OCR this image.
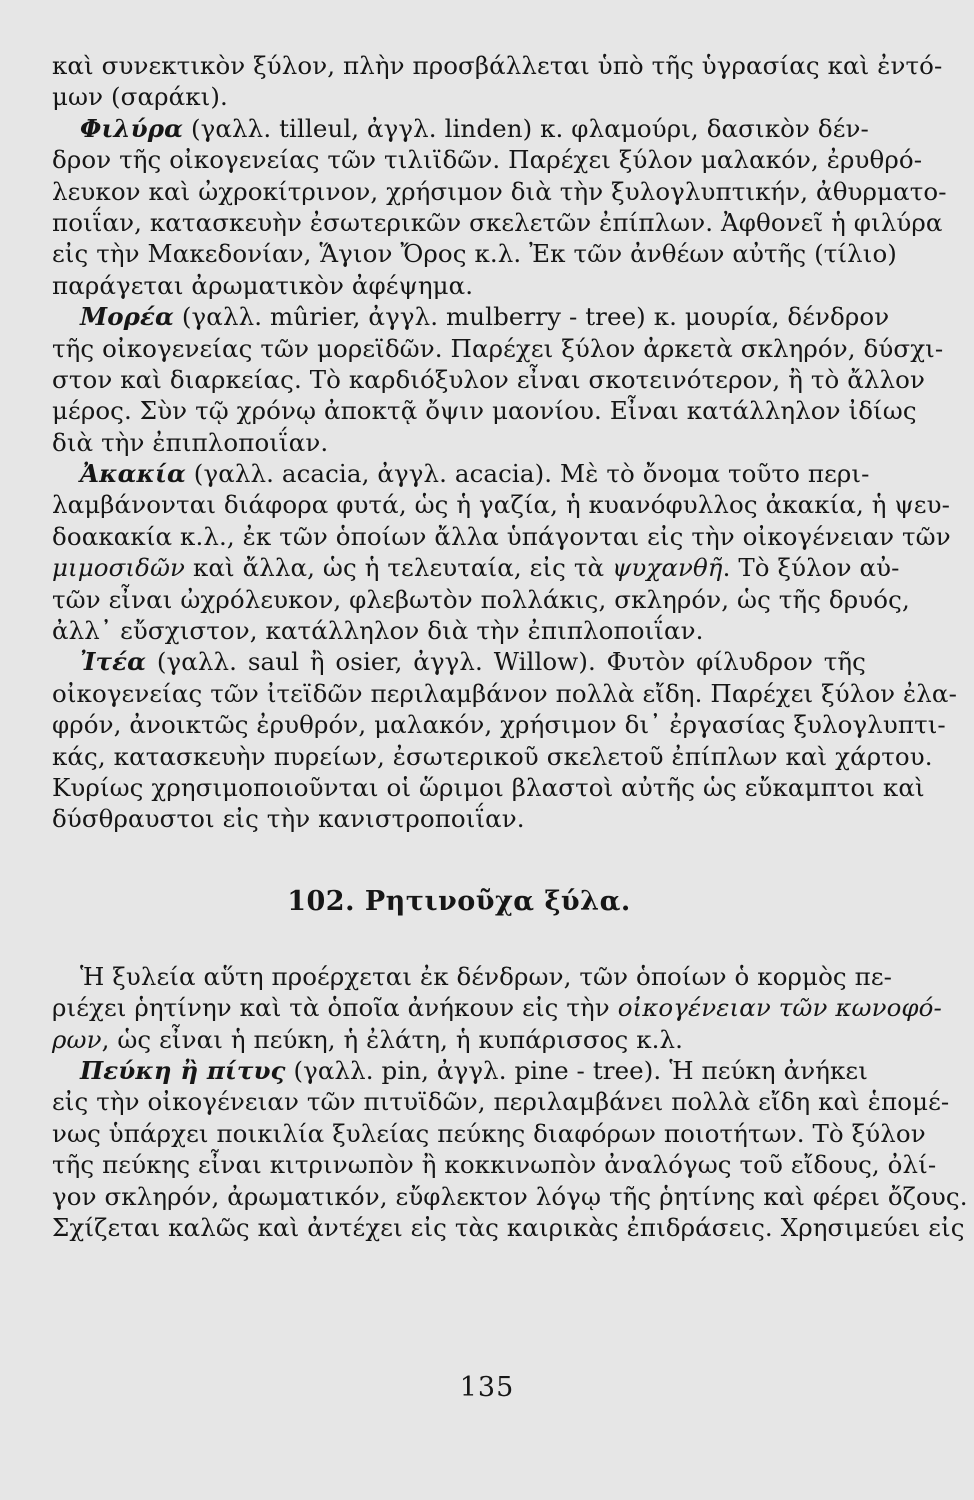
καὶ συνεκτικὸν ξύλον, πλὴν προσβάλλεται ὑπὸ τῆς ὑγρασίας καὶ ἐντό-
μων (σαράκι).
Φιλύρα (γαλλ. tilleul, ἀγγλ. linden) κ. φλαμούρι, δασικὸν δέν-
δρον τῆς οἰκογενείας τῶν τιλιϊδῶν. Παρέχει ξύλον μαλακόν, ἐρυθρό-
λευκον καὶ ὠχροκίτρινον, χρήσιμον διὰ τὴν ξυλογλυπτικήν, ἀθυρματο-
ποιΐαν, κατασκευὴν ἐσωτερικῶν σκελετῶν ἐπίπλων. Ἀφθονεῖ ἡ φιλύρα
εἰς τὴν Μακεδονίαν, Ἅγιον Ὄρος κ.λ. Ἐκ τῶν ἀνθέων αὐτῆς (τίλιο)
παράγεται ἀρωματικὸν ἀφέψημα.
Μορέα (γαλλ. mûrier, ἀγγλ. mulberry - tree) κ. μουρία, δένδρον
τῆς οἰκογενείας τῶν μορεϊδῶν. Παρέχει ξύλον ἀρκετὰ σκληρόν, δύσχι-
στον καὶ διαρκείας. Τὸ καρδιόξυλον εἶναι σκοτεινότερον, ἢ τὸ ἄλλον
μέρος. Σὺν τῷ χρόνῳ ἀποκτᾷ ὄψιν μαονίου. Εἶναι κατάλληλον ἰδίως
διὰ τὴν ἐπιπλοποιΐαν.
Ἀκακία (γαλλ. acacia, ἀγγλ. acacia). Μὲ τὸ ὄνομα τοῦτο περι-
λαμβάνονται διάφορα φυτά, ὡς ἡ γαζία, ἡ κυανόφυλλος ἀκακία, ἡ ψευ-
δοακακία κ.λ., ἐκ τῶν ὁποίων ἄλλα ὑπάγονται εἰς τὴν οἰκογένειαν τῶν
μιμοσιδῶν καὶ ἄλλα, ὡς ἡ τελευταία, εἰς τὰ ψυχανθῆ. Τὸ ξύλον αὐ-
τῶν εἶναι ὠχρόλευκον, φλεβωτὸν πολλάκις, σκληρόν, ὡς τῆς δρυός,
ἀλλ᾿ εὔσχιστον, κατάλληλον διὰ τὴν ἐπιπλοποιΐαν.
Ἰτέα (γαλλ. saul ἢ osier, ἀγγλ. Willow). Φυτὸν φίλυδρον τῆς
οἰκογενείας τῶν ἰτεϊδῶν περιλαμβάνον πολλὰ εἴδη. Παρέχει ξύλον ἐλα-
φρόν, ἀνοικτῶς ἐρυθρόν, μαλακόν, χρήσιμον δι᾿ ἐργασίας ξυλογλυπτι-
κάς, κατασκευὴν πυρείων, ἐσωτερικοῦ σκελετοῦ ἐπίπλων καὶ χάρτου.
Κυρίως χρησιμοποιοῦνται οἱ ὥριμοι βλαστοὶ αὐτῆς ὡς εὔκαμπτοι καὶ
δύσθραυστοι εἰς τὴν κανιστροποιΐαν.
102. Ρητινοῦχα ξύλα.
Ἡ ξυλεία αὕτη προέρχεται ἐκ δένδρων, τῶν ὁποίων ὁ κορμὸς πε-
ριέχει ῥητίνην καὶ τὰ ὁποῖα ἀνήκουν εἰς τὴν οἰκογένειαν τῶν κωνοφό-
ρων, ὡς εἶναι ἡ πεύκη, ἡ ἐλάτη, ἡ κυπάρισσος κ.λ.
Πεύκη ἢ πίτυς (γαλλ. pin, ἀγγλ. pine - tree). Ἡ πεύκη ἀνήκει
εἰς τὴν οἰκογένειαν τῶν πιτυϊδῶν, περιλαμβάνει πολλὰ εἴδη καὶ ἑπομέ-
νως ὑπάρχει ποικιλία ξυλείας πεύκης διαφόρων ποιοτήτων. Τὸ ξύλον
τῆς πεύκης εἶναι κιτρινωπὸν ἢ κοκκινωπὸν ἀναλόγως τοῦ εἴδους, ὀλί-
γον σκληρόν, ἀρωματικόν, εὔφλεκτον λόγῳ τῆς ῥητίνης καὶ φέρει ὄζους.
Σχίζεται καλῶς καὶ ἀντέχει εἰς τὰς καιρικὰς ἐπιδράσεις. Χρησιμεύει εἰς
135
